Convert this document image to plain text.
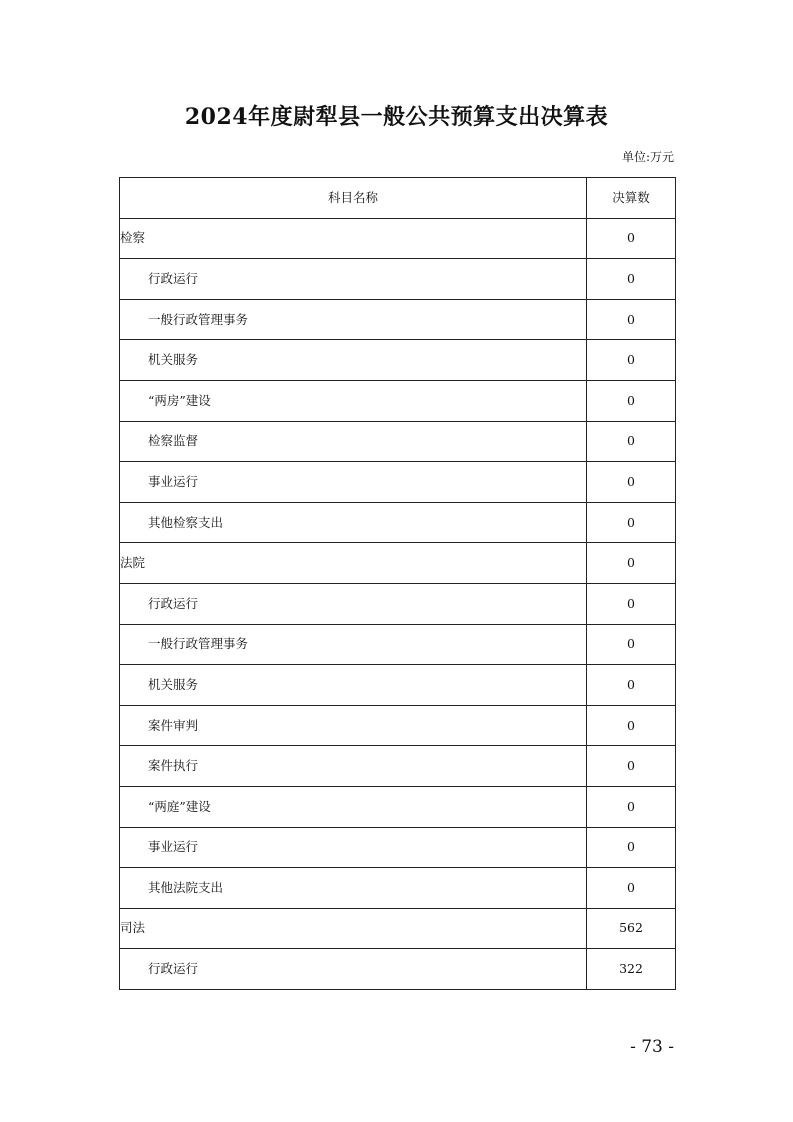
2024年度尉犁县一般公共预算支出决算表
单位:万元
科目名称	决算数
检察	0
行政运行	0
一般行政管理事务	0
机关服务	0
“两房”建设	0
检察监督	0
事业运行	0
其他检察支出	0
法院	0
行政运行	0
一般行政管理事务	0
机关服务	0
案件审判	0
案件执行	0
“两庭”建设	0
事业运行	0
其他法院支出	0
司法	562
行政运行	322
- 73 -
